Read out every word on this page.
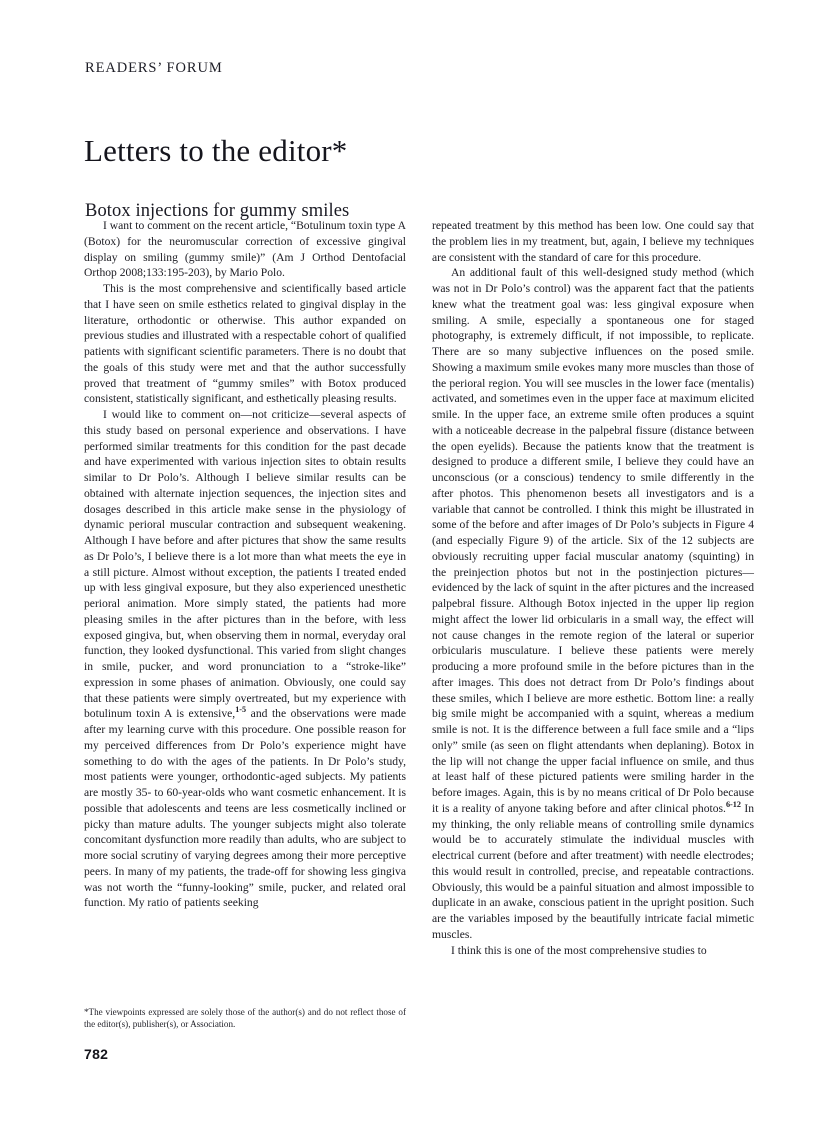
READERS’ FORUM
Letters to the editor*
Botox injections for gummy smiles

I want to comment on the recent article, “Botulinum toxin type A (Botox) for the neuromuscular correction of excessive gingival display on smiling (gummy smile)” (Am J Orthod Dentofacial Orthop 2008;133:195-203), by Mario Polo.

This is the most comprehensive and scientifically based article that I have seen on smile esthetics related to gingival display in the literature, orthodontic or otherwise. This author expanded on previous studies and illustrated with a respectable cohort of qualified patients with significant scientific parameters. There is no doubt that the goals of this study were met and that the author successfully proved that treatment of “gummy smiles” with Botox produced consistent, statistically significant, and esthetically pleasing results.

I would like to comment on—not criticize—several aspects of this study based on personal experience and observations. I have performed similar treatments for this condition for the past decade and have experimented with various injection sites to obtain results similar to Dr Polo’s. Although I believe similar results can be obtained with alternate injection sequences, the injection sites and dosages described in this article make sense in the physiology of dynamic perioral muscular contraction and subsequent weakening. Although I have before and after pictures that show the same results as Dr Polo’s, I believe there is a lot more than what meets the eye in a still picture. Almost without exception, the patients I treated ended up with less gingival exposure, but they also experienced unesthetic perioral animation. More simply stated, the patients had more pleasing smiles in the after pictures than in the before, with less exposed gingiva, but, when observing them in normal, everyday oral function, they looked dysfunctional. This varied from slight changes in smile, pucker, and word pronunciation to a “stroke-like” expression in some phases of animation. Obviously, one could say that these patients were simply overtreated, but my experience with botulinum toxin A is extensive,$^{1-5}$ and the observations were made after my learning curve with this procedure. One possible reason for my perceived differences from Dr Polo’s experience might have something to do with the ages of the patients. In Dr Polo’s study, most patients were younger, orthodontic-aged subjects. My patients are mostly 35- to 60-year-olds who want cosmetic enhancement. It is possible that adolescents and teens are less cosmetically inclined or picky than mature adults. The younger subjects might also tolerate concomitant dysfunction more readily than adults, who are subject to more social scrutiny of varying degrees among their more perceptive peers. In many of my patients, the trade-off for showing less gingiva was not worth the “funny-looking” smile, pucker, and related oral function. My ratio of patients seeking

repeated treatment by this method has been low. One could say that the problem lies in my treatment, but, again, I believe my techniques are consistent with the standard of care for this procedure.

An additional fault of this well-designed study method (which was not in Dr Polo’s control) was the apparent fact that the patients knew what the treatment goal was: less gingival exposure when smiling. A smile, especially a spontaneous one for staged photography, is extremely difficult, if not impossible, to replicate. There are so many subjective influences on the posed smile. Showing a maximum smile evokes many more muscles than those of the perioral region. You will see muscles in the lower face (mentalis) activated, and sometimes even in the upper face at maximum elicited smile. In the upper face, an extreme smile often produces a squint with a noticeable decrease in the palpebral fissure (distance between the open eyelids). Because the patients know that the treatment is designed to produce a different smile, I believe they could have an unconscious (or a conscious) tendency to smile differently in the after photos. This phenomenon besets all investigators and is a variable that cannot be controlled. I think this might be illustrated in some of the before and after images of Dr Polo’s subjects in Figure 4 (and especially Figure 9) of the article. Six of the 12 subjects are obviously recruiting upper facial muscular anatomy (squinting) in the preinjection photos but not in the postinjection pictures— evidenced by the lack of squint in the after pictures and the increased palpebral fissure. Although Botox injected in the upper lip region might affect the lower lid orbicularis in a small way, the effect will not cause changes in the remote region of the lateral or superior orbicularis musculature. I believe these patients were merely producing a more profound smile in the before pictures than in the after images. This does not detract from Dr Polo’s findings about these smiles, which I believe are more esthetic. Bottom line: a really big smile might be accompanied with a squint, whereas a medium smile is not. It is the difference between a full face smile and a “lips only” smile (as seen on flight attendants when deplaning). Botox in the lip will not change the upper facial influence on smile, and thus at least half of these pictured patients were smiling harder in the before images. Again, this is by no means critical of Dr Polo because it is a reality of anyone taking before and after clinical photos.$^{6-12}$ In my thinking, the only reliable means of controlling smile dynamics would be to accurately stimulate the individual muscles with electrical current (before and after treatment) with needle electrodes; this would result in controlled, precise, and repeatable contractions. Obviously, this would be a painful situation and almost impossible to duplicate in an awake, conscious patient in the upright position. Such are the variables imposed by the beautifully intricate facial mimetic muscles.

I think this is one of the most comprehensive studies to

*The viewpoints expressed are solely those of the author(s) and do not reflect those of the editor(s), publisher(s), or Association.
782
